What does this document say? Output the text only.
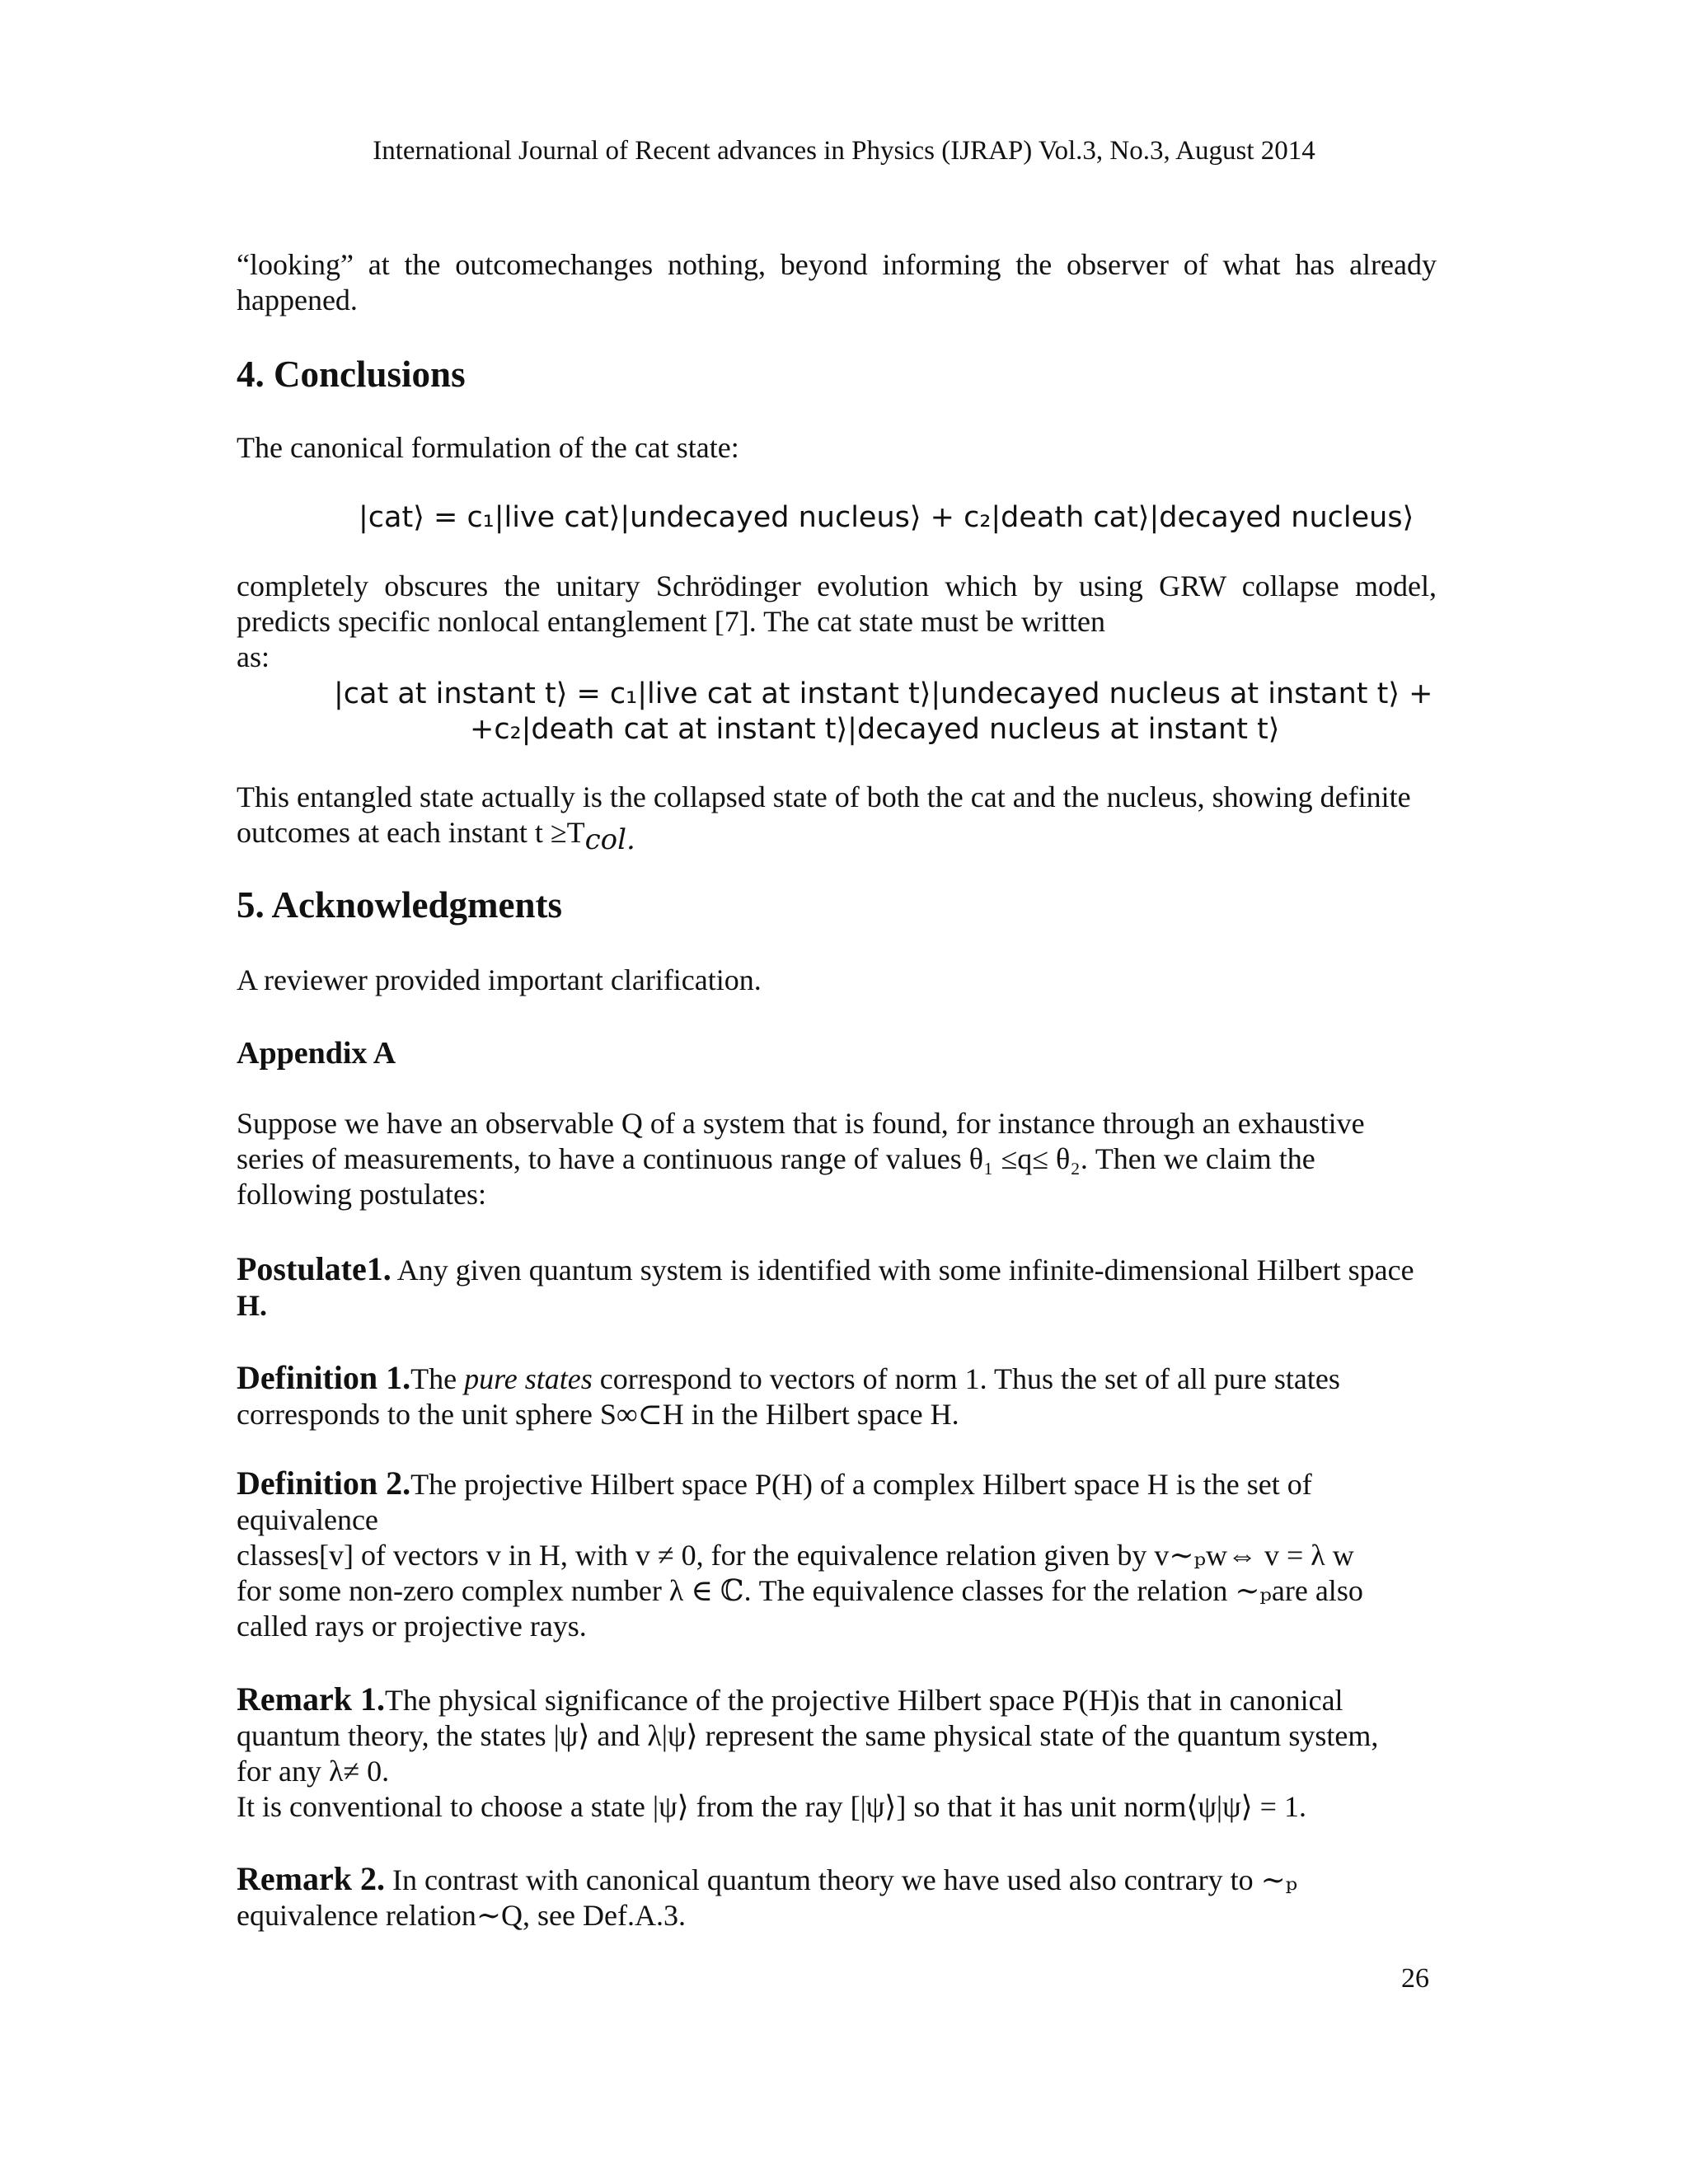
International Journal of Recent advances in Physics (IJRAP) Vol.3, No.3, August 2014

“looking” at the outcomechanges nothing, beyond informing the observer of what has already happened.

4. Conclusions

The canonical formulation of the cat state:

|cat⟩ = c₁|live cat⟩|undecayed nucleus⟩ + c₂|death cat⟩|decayed nucleus⟩

completely obscures the unitary Schrödinger evolution which by using GRW collapse model, predicts specific nonlocal entanglement [7]. The cat state must be written

as:

|cat at instant t⟩ = c₁|live cat at instant t⟩|undecayed nucleus at instant t⟩ +
+c₂|death cat at instant t⟩|decayed nucleus at instant t⟩

This entangled state actually is the collapsed state of both the cat and the nucleus, showing definite

outcomes at each instant $t \ge T_{col.}$

5. Acknowledgments

A reviewer provided important clarification.

Appendix A

Suppose we have an observable Q of a system that is found, for instance through an exhaustive

series of measurements, to have a continuous range of values θ₁ ≤q≤ θ₂. Then we claim the

following postulates:

Postulate1. Any given quantum system is identified with some infinite-dimensional Hilbert space

H.

Definition 1.The pure states correspond to vectors of norm 1. Thus the set of all pure states

corresponds to the unit sphere S∞⊂H in the Hilbert space H.

Definition 2.The projective Hilbert space P(H) of a complex Hilbert space H is the set of

equivalence

classes[v] of vectors v in H, with v ≠ 0, for the equivalence relation given by v∼ₚw⇔ v = λ w

for some non-zero complex number λ ∈ ℂ. The equivalence classes for the relation ∼ₚare also

called rays or projective rays.

Remark 1.The physical significance of the projective Hilbert space P(H)is that in canonical

quantum theory, the states |ψ⟩ and λ|ψ⟩ represent the same physical state of the quantum system,

for any λ≠ 0.

It is conventional to choose a state |ψ⟩ from the ray [|ψ⟩] so that it has unit norm⟨ψ|ψ⟩ = 1.

Remark 2. In contrast with canonical quantum theory we have used also contrary to ∼ₚ

equivalence relation∼Q, see Def.A.3.

26
